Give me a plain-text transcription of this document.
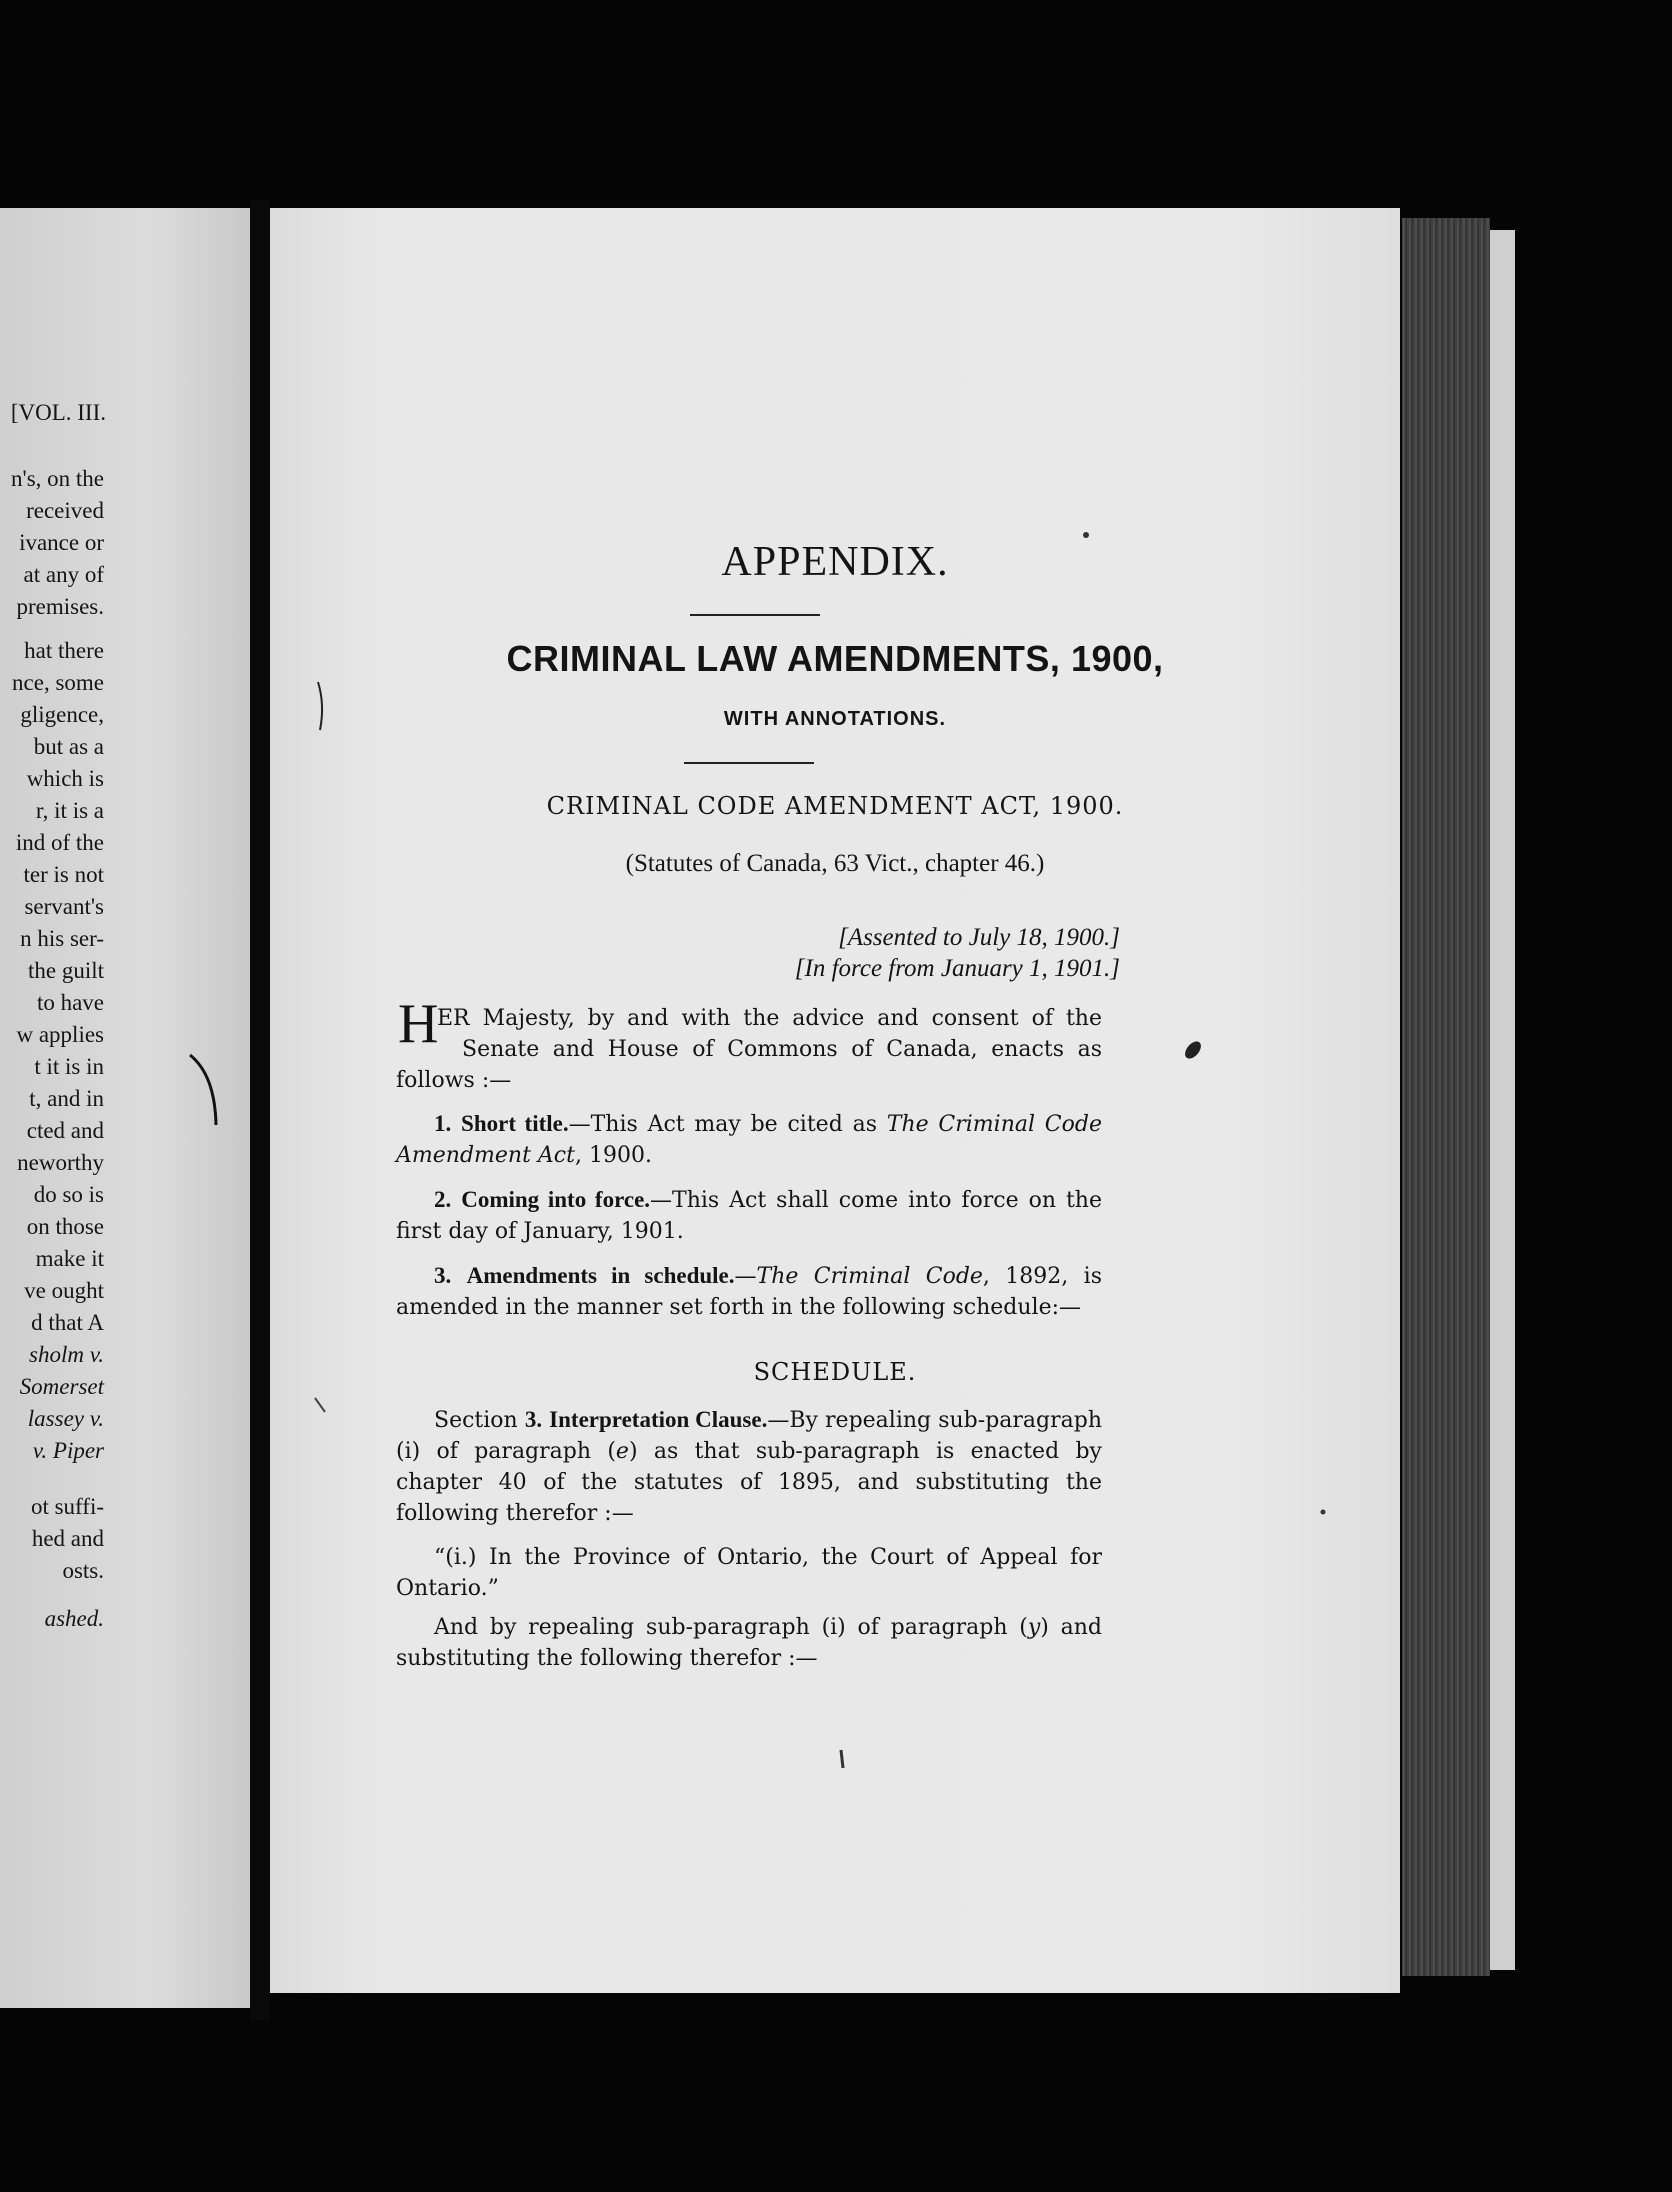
[VOL. III.
n's, on the
received
ivance or
at any of
premises.
hat there
nce, some
gligence,
but as a
which is
r, it is a
ind of the
ter is not
servant's
n his ser-
the guilt
to have
w applies
t it is in
t, and in
cted and
neworthy
do so is
on those
make it
ve ought
d that A
sholm v.
Somerset
lassey v.
v. Piper
ot suffi-
hed and
osts.
ashed.
APPENDIX.
CRIMINAL LAW AMENDMENTS, 1900,
WITH ANNOTATIONS.
CRIMINAL CODE AMENDMENT ACT, 1900.
(Statutes of Canada, 63 Vict., chapter 46.)
[Assented to July 18, 1900.]
[In force from January 1, 1901.]
H
ER Majesty, by and with the advice and consent of the
Senate and House of Commons of Canada, enacts as
follows :—
1. Short title.—This Act may be cited as The Criminal Code Amendment Act, 1900.
2. Coming into force.—This Act shall come into force on the first day of January, 1901.
3. Amendments in schedule.—The Criminal Code, 1892, is amended in the manner set forth in the following schedule:—
SCHEDULE.
Section 3. Interpretation Clause.—By repealing sub-paragraph (i) of paragraph (e) as that sub-paragraph is enacted by chapter 40 of the statutes of 1895, and substituting the following therefor :—
“(i.) In the Province of Ontario, the Court of Appeal for Ontario.”
And by repealing sub-paragraph (i) of paragraph (y) and substituting the following therefor :—
